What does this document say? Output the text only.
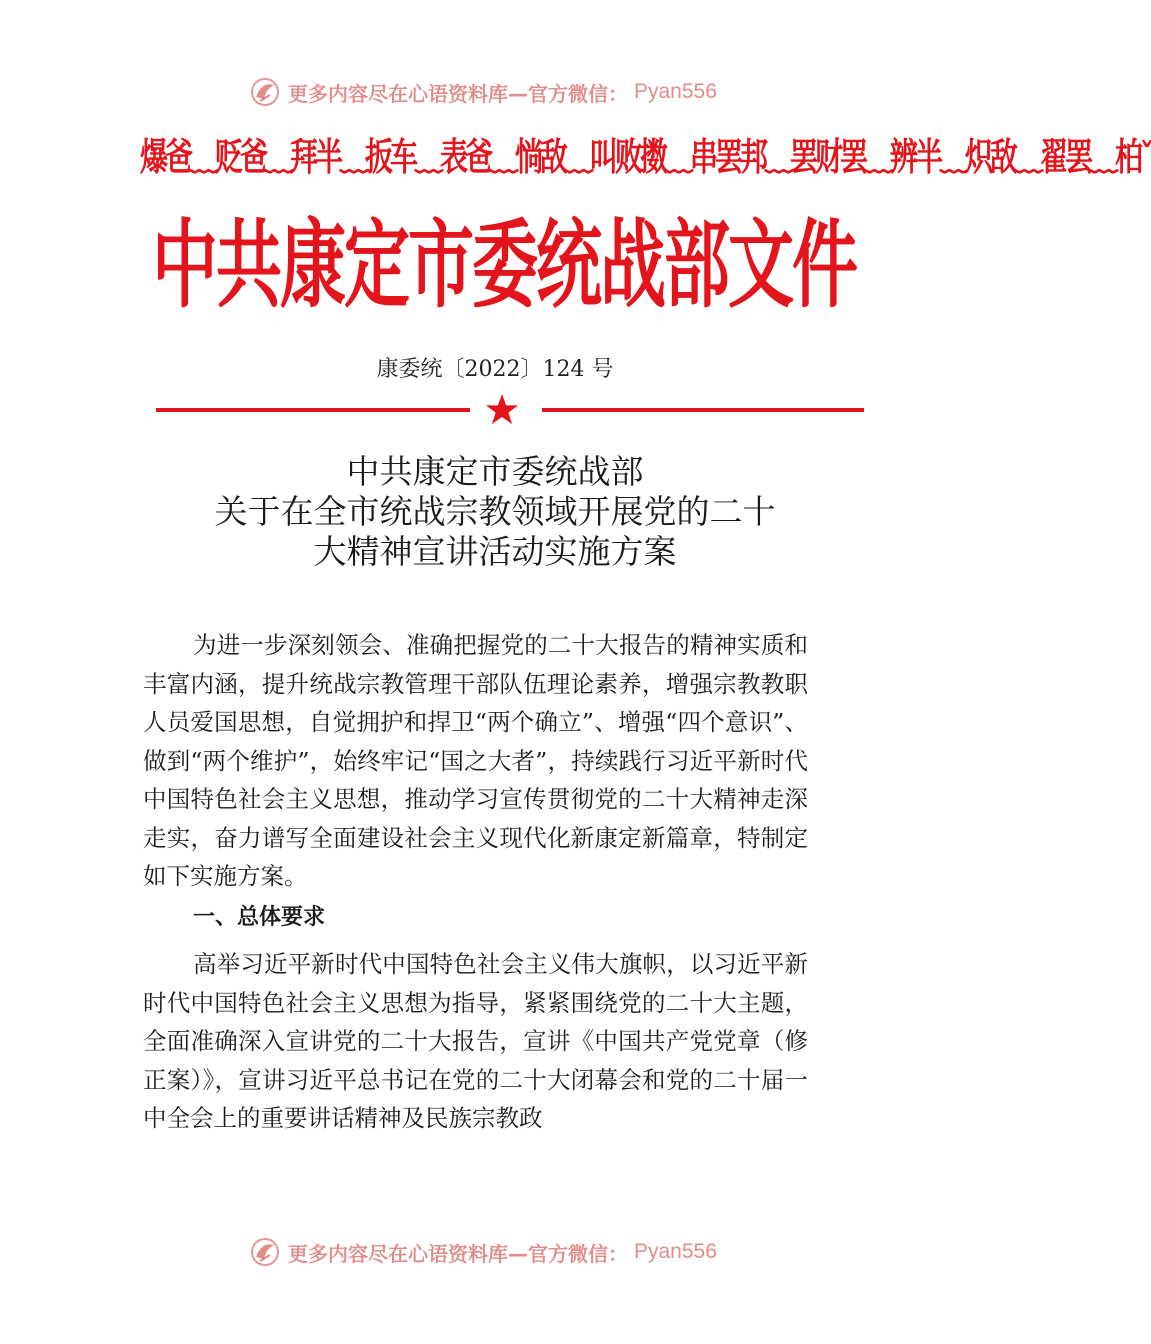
更多内容尽在心语资料库—官方微信： Pyan556
爆爸﹏贬爸﹏拜半﹏扳车﹏表爸﹏惝敌﹏叫败擞﹏串罢邦﹏罢财罢﹏辨半﹏炽敌﹏翟罢﹏柏ˇ
中共康定市委统战部文件
康委统〔2022〕124 号
中共康定市委统战部
关于在全市统战宗教领域开展党的二十
大精神宣讲活动实施方案
为进一步深刻领会、准确把握党的二十大报告的精神实质和丰富内涵，提升统战宗教管理干部队伍理论素养，增强宗教教职人员爱国思想，自觉拥护和捍卫“两个确立”、增强“四个意识”、做到“两个维护”，始终牢记“国之大者”，持续践行习近平新时代中国特色社会主义思想，推动学习宣传贯彻党的二十大精神走深走实，奋力谱写全面建设社会主义现代化新康定新篇章，特制定如下实施方案。
一、总体要求
高举习近平新时代中国特色社会主义伟大旗帜，以习近平新时代中国特色社会主义思想为指导，紧紧围绕党的二十大主题，全面准确深入宣讲党的二十大报告，宣讲《中国共产党党章（修正案）》，宣讲习近平总书记在党的二十大闭幕会和党的二十届一中全会上的重要讲话精神及民族宗教政
更多内容尽在心语资料库—官方微信： Pyan556
